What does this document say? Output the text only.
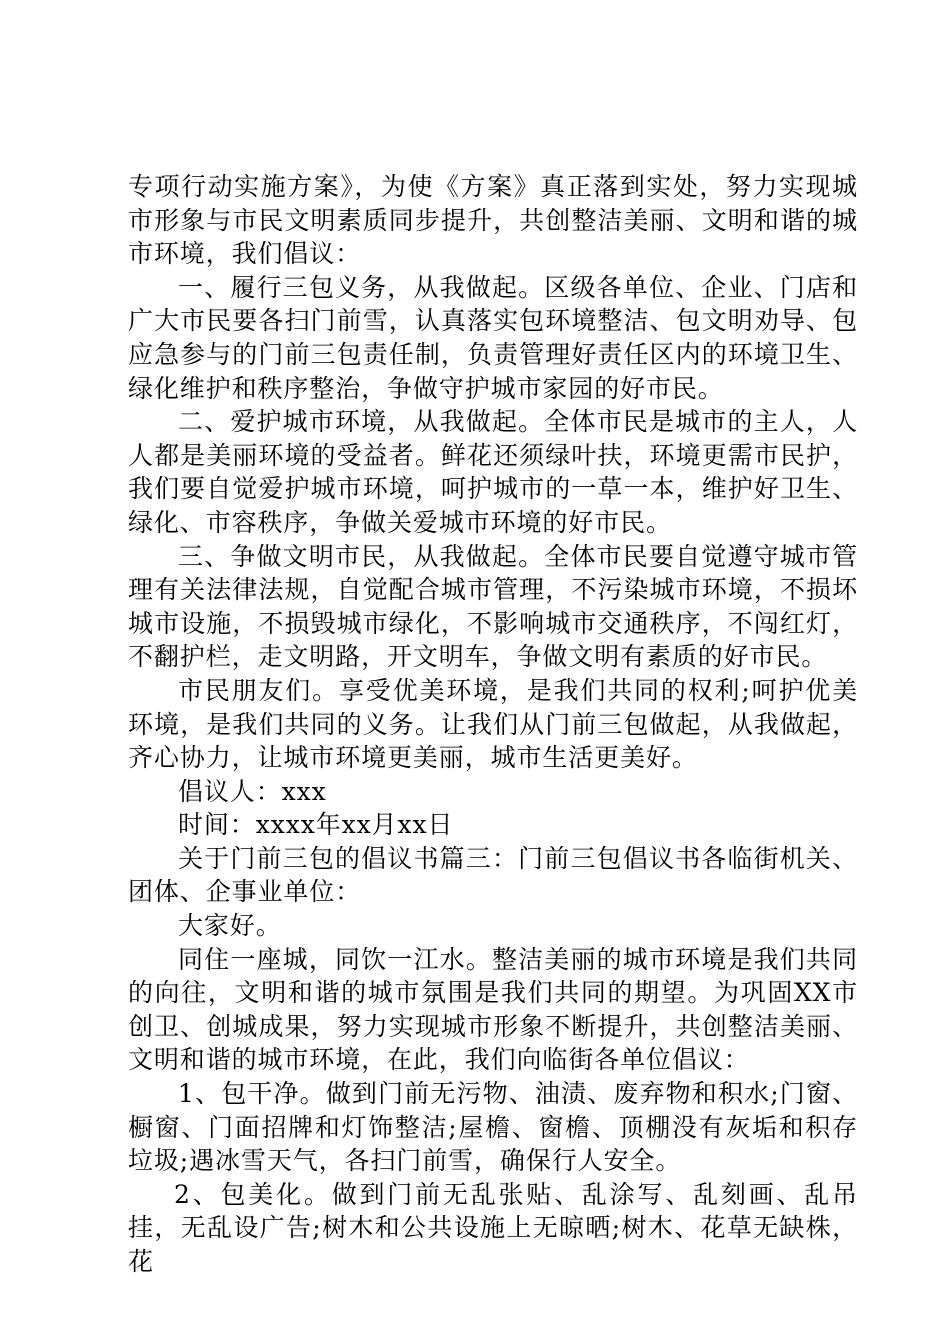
专项行动实施方案》，为使《方案》真正落到实处，努力实现城市形象与市民文明素质同步提升，共创整洁美丽、文明和谐的城市环境，我们倡议：

一、履行三包义务，从我做起。区级各单位、企业、门店和广大市民要各扫门前雪，认真落实包环境整洁、包文明劝导、包应急参与的门前三包责任制，负责管理好责任区内的环境卫生、绿化维护和秩序整治，争做守护城市家园的好市民。

二、爱护城市环境，从我做起。全体市民是城市的主人，人人都是美丽环境的受益者。鲜花还须绿叶扶，环境更需市民护，我们要自觉爱护城市环境，呵护城市的一草一本，维护好卫生、绿化、市容秩序，争做关爱城市环境的好市民。

三、争做文明市民，从我做起。全体市民要自觉遵守城市管理有关法律法规，自觉配合城市管理，不污染城市环境，不损坏城市设施，不损毁城市绿化，不影响城市交通秩序，不闯红灯，不翻护栏，走文明路，开文明车，争做文明有素质的好市民。

市民朋友们。享受优美环境，是我们共同的权利;呵护优美环境，是我们共同的义务。让我们从门前三包做起，从我做起，齐心协力，让城市环境更美丽，城市生活更美好。

倡议人：xxx

时间：xxxx年xx月xx日

关于门前三包的倡议书篇三：门前三包倡议书各临街机关、团体、企事业单位：

大家好。

同住一座城，同饮一江水。整洁美丽的城市环境是我们共同的向往，文明和谐的城市氛围是我们共同的期望。为巩固XX市创卫、创城成果，努力实现城市形象不断提升，共创整洁美丽、文明和谐的城市环境，在此，我们向临街各单位倡议：

1、包干净。做到门前无污物、油渍、废弃物和积水;门窗、橱窗、门面招牌和灯饰整洁;屋檐、窗檐、顶棚没有灰垢和积存垃圾;遇冰雪天气，各扫门前雪，确保行人安全。

2、包美化。做到门前无乱张贴、乱涂写、乱刻画、乱吊挂，无乱设广告;树木和公共设施上无晾晒;树木、花草无缺株，花
